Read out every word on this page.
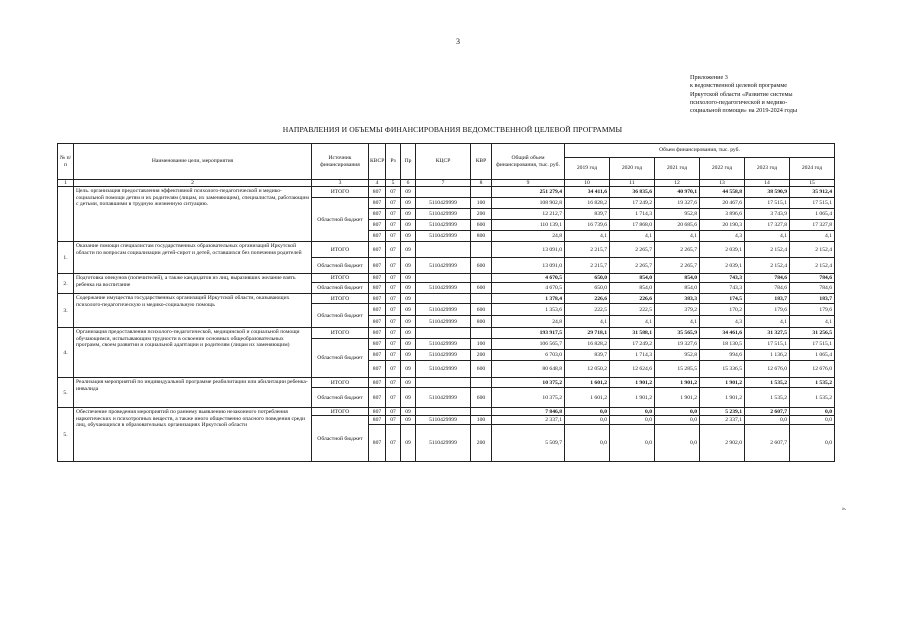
3
Приложение 3
к ведомственной целевой программе
Иркутской области «Развитие системы
психолого-педагогической и медико-
социальной помощи» на 2019-2024 годы
НАПРАВЛЕНИЯ И ОБЪЕМЫ ФИНАНСИРОВАНИЯ ВЕДОМСТВЕННОЙ ЦЕЛЕВОЙ ПРОГРАММЫ
№ п/п	Наименование цели, мероприятия	Источник финансирования	КВСР	Рз	Пр	КЦСР	КВР	Общий объем финансирования, тыс. руб.	Объем финансирования, тыс. руб.					
									2019 год	2020 год	2021 год	2022 год	2023 год	2024 год
1	2	3	4	5	6	7	8	9	10	11	12	13	14	15
	Цель. организация предоставления эффективной психолого-педагогической и медико-социальной помощи детям и их родителям (лицам, их заменяющим), специалистам, работающим с детьми, попавшими в трудную жизненную ситуацию.	ИТОГО	807	07	09			251 279,4	34 411,6	36 835,6	40 970,1	44 558,8	38 590,9	35 912,4
		Областной бюджет	807	07	09	5110429999	100	108 902,8	16 828,2	17 249,2	19 327,6	20 467,6	17 515,1	17 515,1
			807	07	09	5110429999	200	12 212,7	839,7	1 714,3	952,8	3 896,6	3 743,9	1 065,4
			807	07	09	5110429999	600	110 139,1	16 739,6	17 868,0	20 685,6	20 190,3	17 327,8	17 327,8
			807	07	09	5110429999	800	24,8	4,1	4,1	4,1	4,3	4,1	4,1
1.	Оказание помощи специалистам государственных образовательных организаций Иркутской области по вопросам социализации детей-сирот и детей, оставшихся без попечения родителей	ИТОГО	807	07	09			13 091,0	2 215,7	2 265,7	2 265,7	2 039,1	2 152,4	2 152,4
		Областной бюджет	807	07	09	5110429999	600	13 091,0	2 215,7	2 265,7	2 265,7	2 039,1	2 152,4	2 152,4
2.	Подготовка опекунов (попечителей), а также кандидатов из лиц, выразивших желание взять ребенка на воспитание	ИТОГО	807	07	09			4 670,5	650,0	854,0	854,0	743,3	784,6	784,6
		Областной бюджет	807	07	09	5110429999	600	4 670,5	650,0	854,0	854,0	743,3	784,6	784,6
3.	Содержание имущества государственных организаций Иркутской области, оказывающих психолого-педагогическую и медико-социальную помощь	ИТОГО	807	07	09			1 378,4	226,6	226,6	383,3	174,5	183,7	183,7
		Областной бюджет	807	07	09	5110429999	600	1 353,6	222,5	222,5	379,2	170,2	179,6	179,6
			807	07	09	5110429999	800	24,8	4,1	4,1	4,1	4,3	4,1	4,1
4.	Организация предоставления психолого-педагогической, медицинской и социальной помощи обучающимся, испытывающим трудности в освоении основных общеобразовательных программ, своем развитии и социальной адаптации и родителям (лицам их заменяющим)	ИТОГО	807	07	09			193 917,5	29 718,1	31 588,1	35 565,9	34 461,6	31 327,5	31 256,5
		Областной бюджет	807	07	09	5110429999	100	106 565,7	16 828,2	17 249,2	19 327,6	18 130,5	17 515,1	17 515,1
			807	07	09	5110429999	200	6 703,0	839,7	1 714,3	952,8	994,6	1 136,2	1 065,4
			807	07	09	5110429999	600	80 648,8	12 050,2	12 624,6	15 285,5	15 336,5	12 676,0	12 676,0
5.	Реализация мероприятий по индивидуальной программе реабилитации или абилитации ребенка-инвалида	ИТОГО	807	07	09			10 375,2	1 601,2	1 901,2	1 901,2	1 901,2	1 535,2	1 535,2
		Областной бюджет	807	07	09	5110429999	600	10 375,2	1 601,2	1 901,2	1 901,2	1 901,2	1 535,2	1 535,2
5.	Обеспечение проведения мероприятий по раннему выявлению незаконного потребления наркотических и психотропных веществ, а также иного общественно опасного поведения среди лиц, обучающихся в образовательных организациях Иркутской области	ИТОГО	807	07	09			7 846,8	0,0	0,0	0,0	5 239,1	2 607,7	0,0
		Областной бюджет	807	07	09	5110429999	100	2 337,1	0,0	0,0	0,0	2 337,1	0,0	0,0
			807	07	09	5110429999	200	5 509,7	0,0	0,0	0,0	2 902,0	2 607,7	0,0
».
